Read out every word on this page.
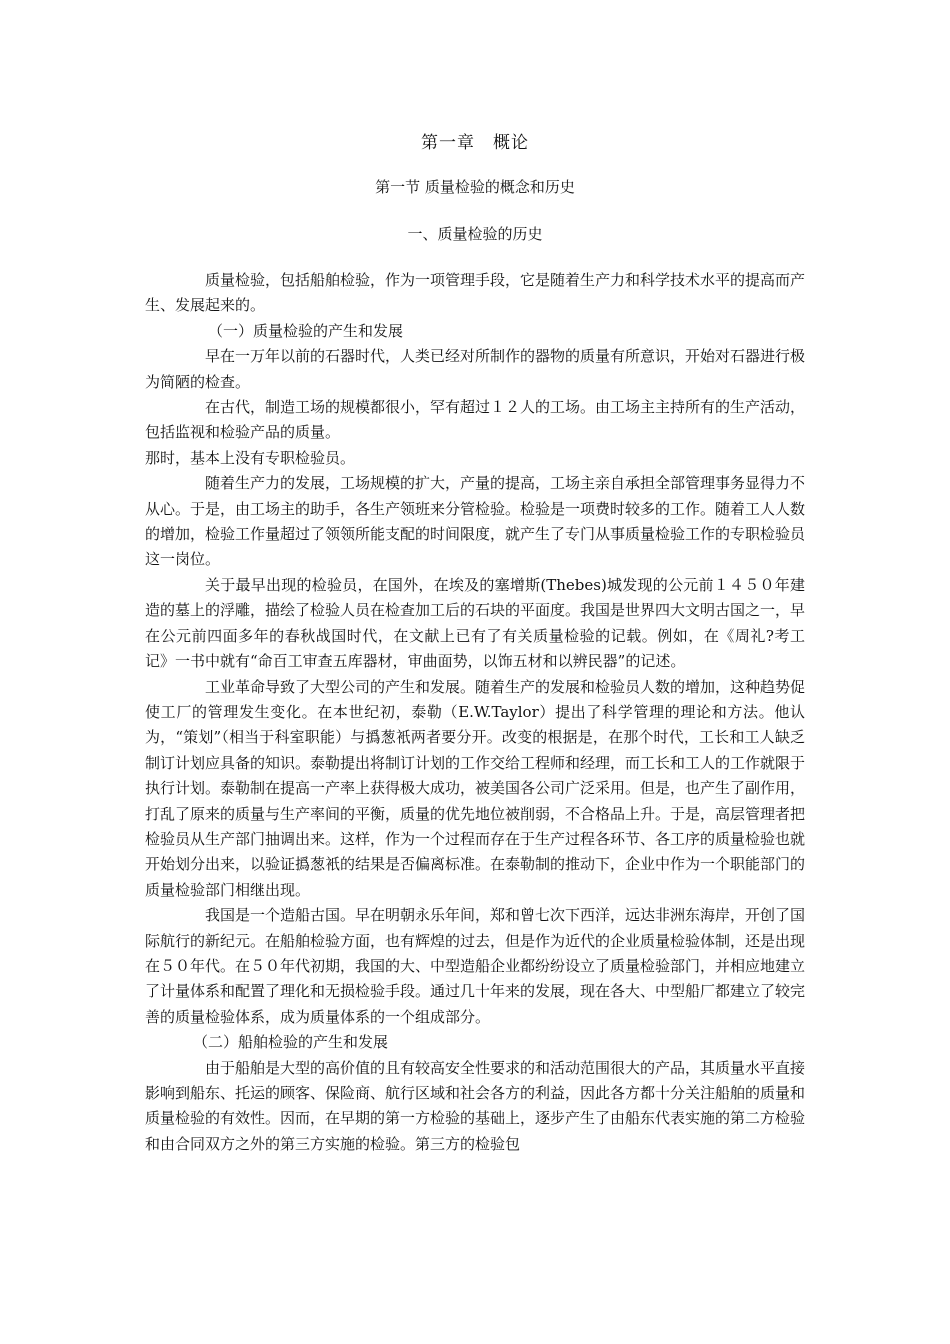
第一章　概论
第一节 质量检验的概念和历史
一、质量检验的历史

质量检验，包括船舶检验，作为一项管理手段，它是随着生产力和科学技术水平的提高而产生、发展起来的。

（一）质量检验的产生和发展

早在一万年以前的石器时代，人类已经对所制作的器物的质量有所意识，开始对石器进行极为简陋的检查。

在古代，制造工场的规模都很小，罕有超过１２人的工场。由工场主主持所有的生产活动，包括监视和检验产品的质量。

那时，基本上没有专职检验员。

随着生产力的发展，工场规模的扩大，产量的提高，工场主亲自承担全部管理事务显得力不从心。于是，由工场主的助手，各生产领班来分管检验。检验是一项费时较多的工作。随着工人人数的增加，检验工作量超过了领领所能支配的时间限度，就产生了专门从事质量检验工作的专职检验员这一岗位。

关于最早出现的检验员，在国外，在埃及的塞增斯(Thebes)城发现的公元前１４５０年建造的墓上的浮雕，描绘了检验人员在检查加工后的石块的平面度。我国是世界四大文明古国之一，早在公元前四面多年的春秋战国时代，在文献上已有了有关质量检验的记载。例如，在《周礼?考工记》一书中就有“命百工审查五库器材，审曲面势，以饰五材和以辨民器”的记述。

工业革命导致了大型公司的产生和发展。随着生产的发展和检验员人数的增加，这种趋势促使工厂的管理发生变化。在本世纪初，泰勒（E.W.Taylor）提出了科学管理的理论和方法。他认为，“策划”（相当于科室职能）与撝葱衹两者要分开。改变的根据是，在那个时代，工长和工人缺乏制订计划应具备的知识。泰勒提出将制订计划的工作交给工程师和经理，而工长和工人的工作就限于执行计划。泰勒制在提高一产率上获得极大成功，被美国各公司广泛采用。但是，也产生了副作用，打乱了原来的质量与生产率间的平衡，质量的优先地位被削弱，不合格品上升。于是，高层管理者把检验员从生产部门抽调出来。这样，作为一个过程而存在于生产过程各环节、各工序的质量检验也就开始划分出来，以验证撝葱衹的结果是否偏离标准。在泰勒制的推动下，企业中作为一个职能部门的质量检验部门相继出现。

我国是一个造船古国。早在明朝永乐年间，郑和曾七次下西洋，远达非洲东海岸，开创了国际航行的新纪元。在船舶检验方面，也有辉煌的过去，但是作为近代的企业质量检验体制，还是出现在５０年代。在５０年代初期，我国的大、中型造船企业都纷纷设立了质量检验部门，并相应地建立了计量体系和配置了理化和无损检验手段。通过几十年来的发展，现在各大、中型船厂都建立了较完善的质量检验体系，成为质量体系的一个组成部分。

（二）船舶检验的产生和发展

由于船舶是大型的高价值的且有较高安全性要求的和活动范围很大的产品，其质量水平直接影响到船东、托运的顾客、保险商、航行区域和社会各方的利益，因此各方都十分关注船舶的质量和质量检验的有效性。因而，在早期的第一方检验的基础上，逐步产生了由船东代表实施的第二方检验和由合同双方之外的第三方实施的检验。第三方的检验包
